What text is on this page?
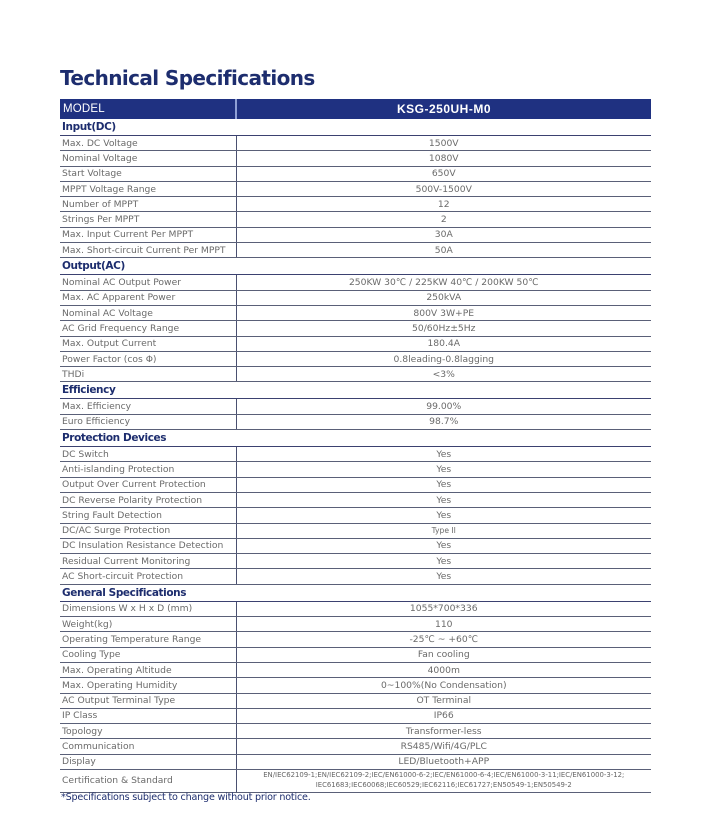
Technical Specifications
MODEL	KSG-250UH-M0
Input(DC)	
Max. DC Voltage	1500V
Nominal Voltage	1080V
Start Voltage	650V
MPPT Voltage Range	500V-1500V
Number of MPPT	12
Strings Per MPPT	2
Max. Input Current Per MPPT	30A
Max. Short-circuit Current Per MPPT	50A
Output(AC)	
Nominal AC Output Power	250KW 30℃ / 225KW 40℃ / 200KW 50℃
Max. AC Apparent Power	250kVA
Nominal AC Voltage	800V 3W+PE
AC Grid Frequency Range	50/60Hz±5Hz
Max. Output Current	180.4A
Power Factor (cos Φ)	0.8leading-0.8lagging
THDi	<3%
Efficiency	
Max. Efficiency	99.00%
Euro Efficiency	98.7%
Protection Devices	
DC Switch	Yes
Anti-islanding Protection	Yes
Output Over Current Protection	Yes
DC Reverse Polarity Protection	Yes
String Fault Detection	Yes
DC/AC Surge Protection	Type II
DC Insulation Resistance Detection	Yes
Residual Current Monitoring	Yes
AC Short-circuit Protection	Yes
General Specifications	
Dimensions W x H x D (mm)	1055*700*336
Weight(kg)	110
Operating Temperature Range	-25℃ ~ +60℃
Cooling Type	Fan cooling
Max. Operating Altitude	4000m
Max. Operating Humidity	0~100%(No Condensation)
AC Output Terminal Type	OT Terminal
IP Class	IP66
Topology	Transformer-less
Communication	RS485/Wifi/4G/PLC
Display	LED/Bluetooth+APP
Certification & Standard	EN/IEC62109-1;EN/IEC62109-2;IEC/EN61000-6-2;IEC/EN61000-6-4;IEC/EN61000-3-11;IEC/EN61000-3-12;
IEC61683;IEC60068;IEC60529;IEC62116;IEC61727;EN50549-1;EN50549-2
*Specifications subject to change without prior notice.
